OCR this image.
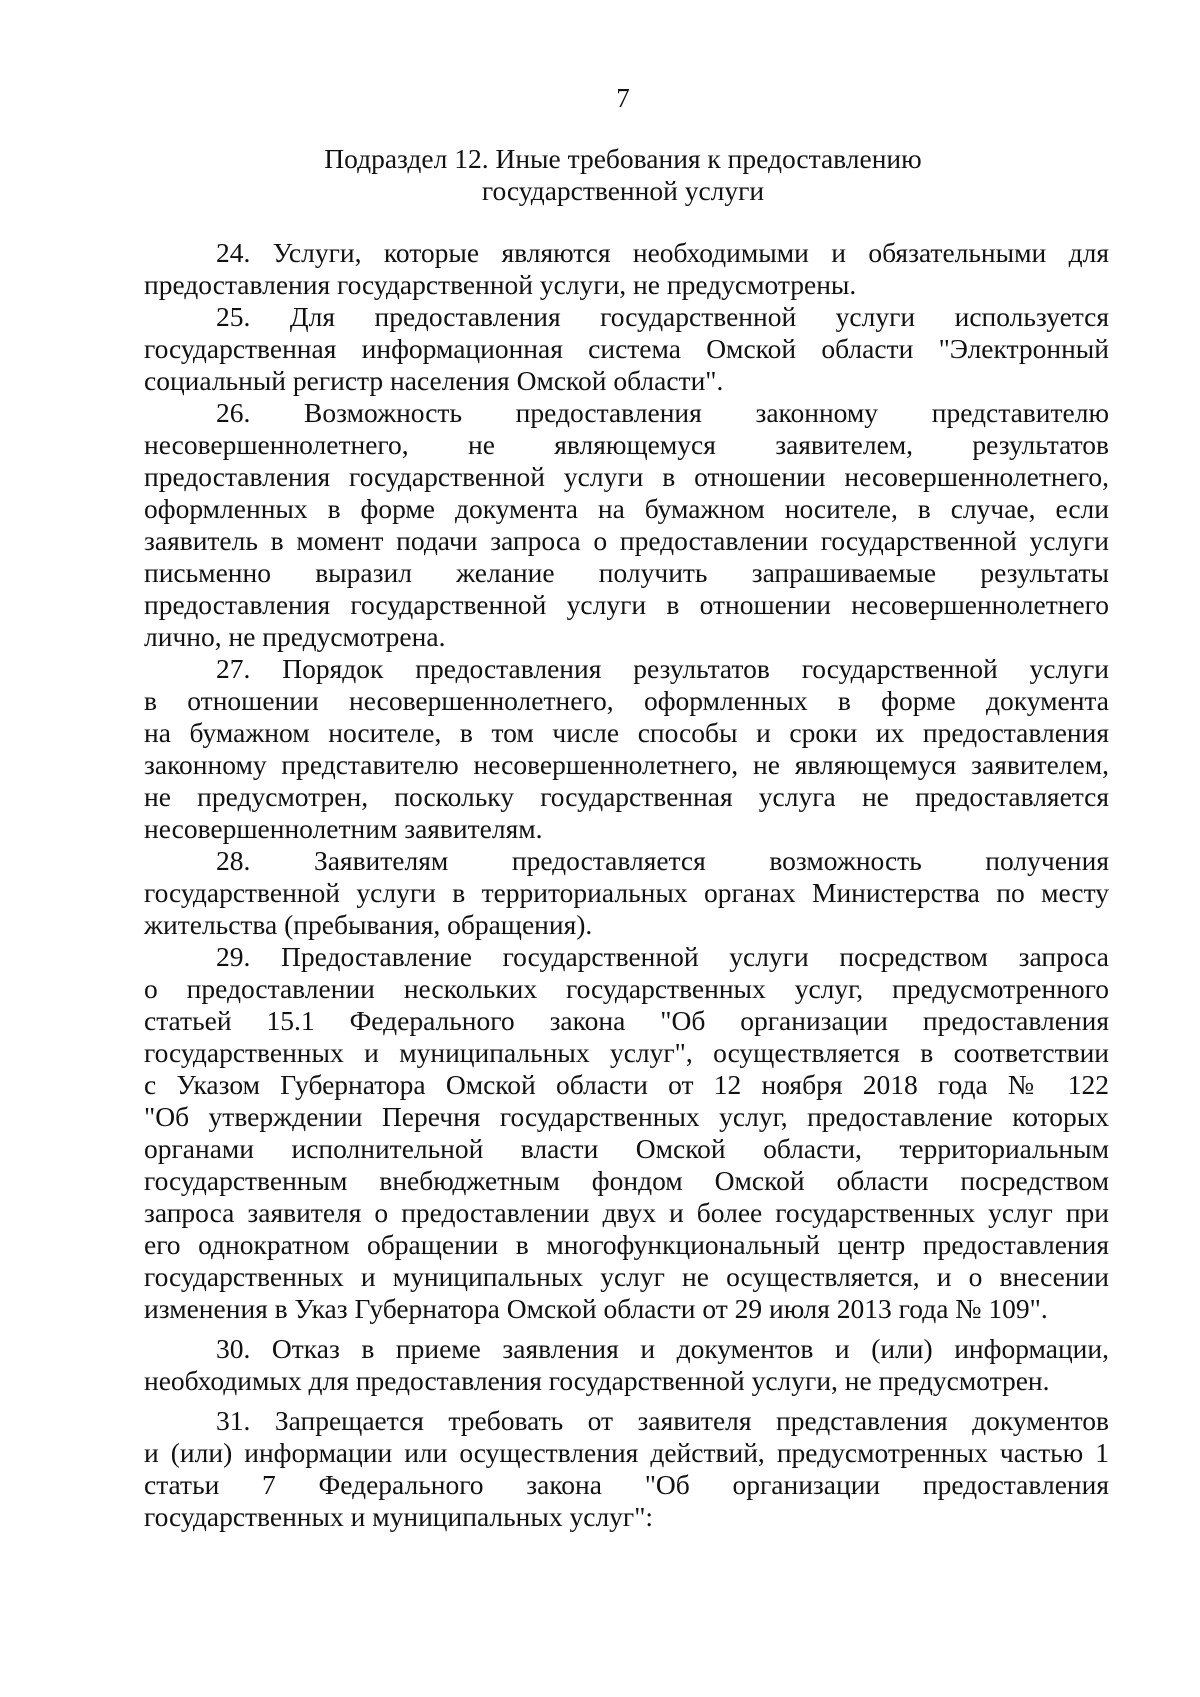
7
Подраздел 12. Иные требования к предоставлению
государственной услуги
24. Услуги, которые являются необходимыми и обязательными для
предоставления государственной услуги, не предусмотрены.
25. Для предоставления государственной услуги используется
государственная информационная система Омской области "Электронный
социальный регистр населения Омской области".
26. Возможность предоставления законному представителю
несовершеннолетнего, не являющемуся заявителем, результатов
предоставления государственной услуги в отношении несовершеннолетнего,
оформленных в форме документа на бумажном носителе, в случае, если
заявитель в момент подачи запроса о предоставлении государственной услуги
письменно выразил желание получить запрашиваемые результаты
предоставления государственной услуги в отношении несовершеннолетнего
лично, не предусмотрена.
27. Порядок предоставления результатов государственной услуги
в отношении несовершеннолетнего, оформленных в форме документа
на бумажном носителе, в том числе способы и сроки их предоставления
законному представителю несовершеннолетнего, не являющемуся заявителем,
не предусмотрен, поскольку государственная услуга не предоставляется
несовершеннолетним заявителям.
28. Заявителям предоставляется возможность получения
государственной услуги в территориальных органах Министерства по месту
жительства (пребывания, обращения).
29. Предоставление государственной услуги посредством запроса
о предоставлении нескольких государственных услуг, предусмотренного
статьей 15.1 Федерального закона "Об организации предоставления
государственных и муниципальных услуг", осуществляется в соответствии
с Указом Губернатора Омской области от 12 ноября 2018 года № 122
"Об утверждении Перечня государственных услуг, предоставление которых
органами исполнительной власти Омской области, территориальным
государственным внебюджетным фондом Омской области посредством
запроса заявителя о предоставлении двух и более государственных услуг при
его однократном обращении в многофункциональный центр предоставления
государственных и муниципальных услуг не осуществляется, и о внесении
изменения в Указ Губернатора Омской области от 29 июля 2013 года № 109".
30. Отказ в приеме заявления и документов и (или) информации,
необходимых для предоставления государственной услуги, не предусмотрен.
31. Запрещается требовать от заявителя представления документов
и (или) информации или осуществления действий, предусмотренных частью 1
статьи 7 Федерального закона "Об организации предоставления
государственных и муниципальных услуг":
